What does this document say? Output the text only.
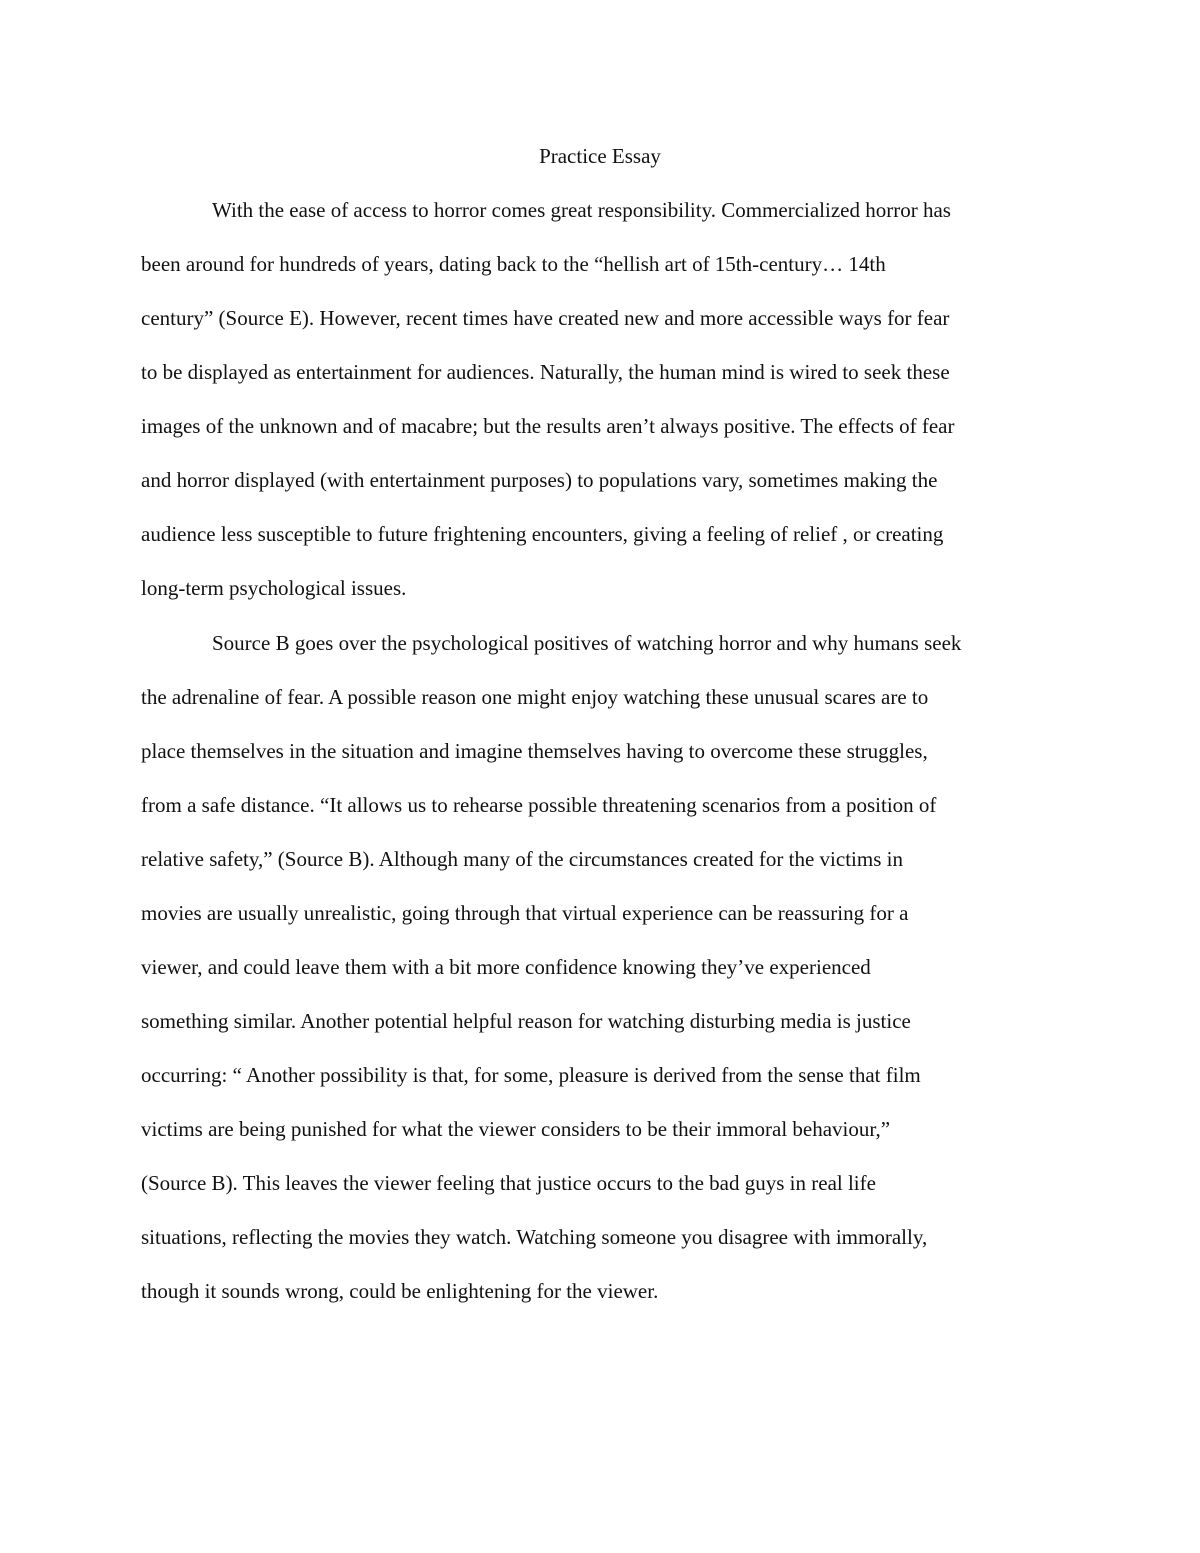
Practice Essay

With the ease of access to horror comes great responsibility. Commercialized horror has

been around for hundreds of years, dating back to the “hellish art of 15th-century… 14th

century” (Source E). However, recent times have created new and more accessible ways for fear

to be displayed as entertainment for audiences. Naturally, the human mind is wired to seek these

images of the unknown and of macabre; but the results aren’t always positive. The effects of fear

and horror displayed (with entertainment purposes) to populations vary, sometimes making the

audience less susceptible to future frightening encounters, giving a feeling of relief , or creating

long-term psychological issues.

Source B goes over the psychological positives of watching horror and why humans seek

the adrenaline of fear. A possible reason one might enjoy watching these unusual scares are to

place themselves in the situation and imagine themselves having to overcome these struggles,

from a safe distance. “It allows us to rehearse possible threatening scenarios from a position of

relative safety,” (Source B). Although many of the circumstances created for the victims in

movies are usually unrealistic, going through that virtual experience can be reassuring for a

viewer, and could leave them with a bit more confidence knowing they’ve experienced

something similar. Another potential helpful reason for watching disturbing media is justice

occurring: “ Another possibility is that, for some, pleasure is derived from the sense that film

victims are being punished for what the viewer considers to be their immoral behaviour,”

(Source B). This leaves the viewer feeling that justice occurs to the bad guys in real life

situations, reflecting the movies they watch. Watching someone you disagree with immorally,

though it sounds wrong, could be enlightening for the viewer.
